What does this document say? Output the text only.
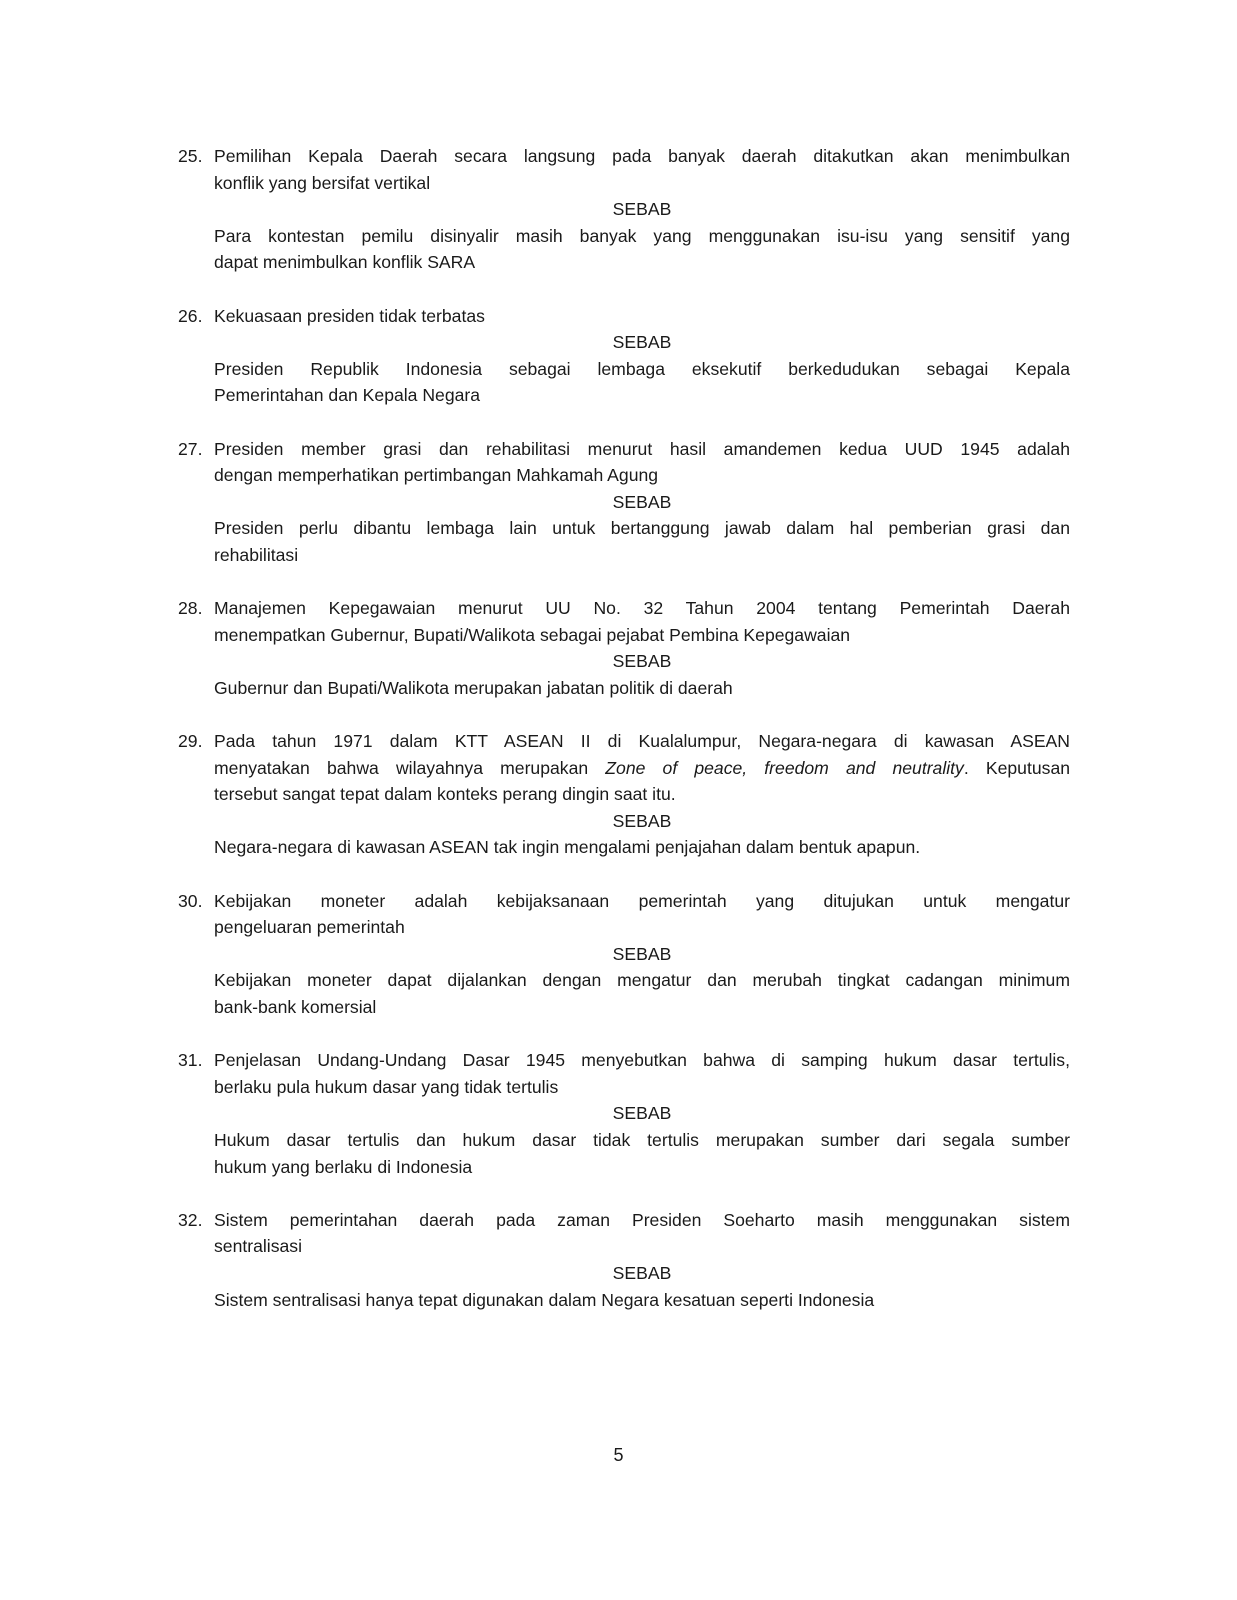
25. Pemilihan Kepala Daerah secara langsung pada banyak daerah ditakutkan akan menimbulkan
konflik yang bersifat vertikal
SEBAB
Para kontestan pemilu disinyalir masih banyak yang menggunakan isu-isu yang sensitif yang
dapat menimbulkan konflik SARA
26. Kekuasaan presiden tidak terbatas
SEBAB
Presiden Republik Indonesia sebagai lembaga eksekutif berkedudukan sebagai Kepala
Pemerintahan dan Kepala Negara
27. Presiden member grasi dan rehabilitasi menurut hasil amandemen kedua UUD 1945 adalah
dengan memperhatikan pertimbangan Mahkamah Agung
SEBAB
Presiden perlu dibantu lembaga lain untuk bertanggung jawab dalam hal pemberian grasi dan
rehabilitasi
28. Manajemen Kepegawaian menurut UU No. 32 Tahun 2004 tentang Pemerintah Daerah
menempatkan Gubernur, Bupati/Walikota sebagai pejabat Pembina Kepegawaian
SEBAB
Gubernur dan Bupati/Walikota merupakan jabatan politik di daerah
29. Pada tahun 1971 dalam KTT ASEAN II di Kualalumpur, Negara-negara di kawasan ASEAN
menyatakan bahwa wilayahnya merupakan Zone of peace, freedom and neutrality. Keputusan
tersebut sangat tepat dalam konteks perang dingin saat itu.
SEBAB
Negara-negara di kawasan ASEAN tak ingin mengalami penjajahan dalam bentuk apapun.
30. Kebijakan moneter adalah kebijaksanaan pemerintah yang ditujukan untuk mengatur
pengeluaran pemerintah
SEBAB
Kebijakan moneter dapat dijalankan dengan mengatur dan merubah tingkat cadangan minimum
bank-bank komersial
31. Penjelasan Undang-Undang Dasar 1945 menyebutkan bahwa di samping hukum dasar tertulis,
berlaku pula hukum dasar yang tidak tertulis
SEBAB
Hukum dasar tertulis dan hukum dasar tidak tertulis merupakan sumber dari segala sumber
hukum yang berlaku di Indonesia
32. Sistem pemerintahan daerah pada zaman Presiden Soeharto masih menggunakan sistem
sentralisasi
SEBAB
Sistem sentralisasi hanya tepat digunakan dalam Negara kesatuan seperti Indonesia
5
